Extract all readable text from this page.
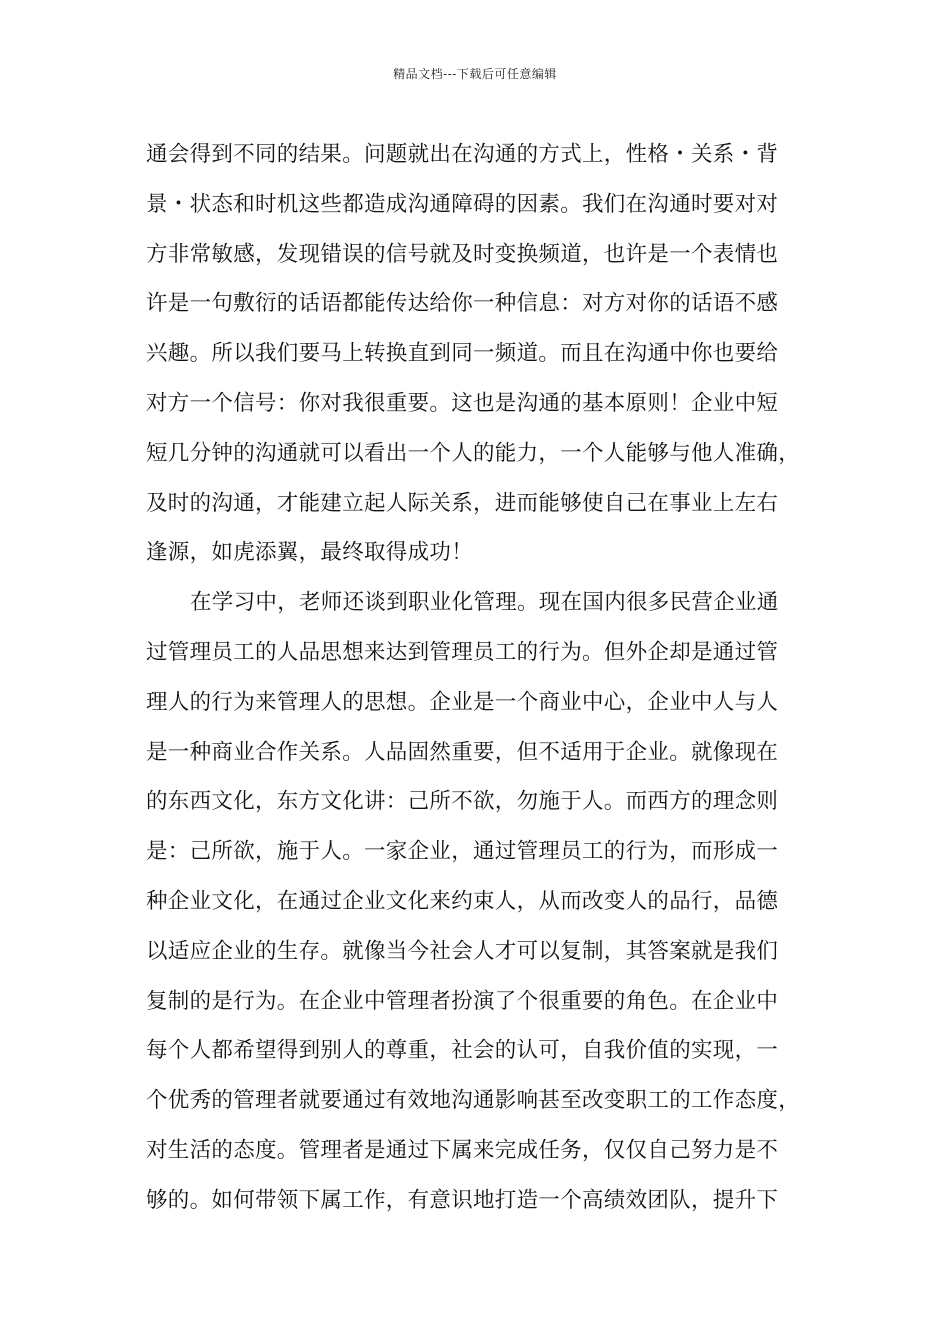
精品文档---下载后可任意编辑
通会得到不同的结果。问题就出在沟通的方式上，性格・关系・背
景・状态和时机这些都造成沟通障碍的因素。我们在沟通时要对对
方非常敏感，发现错误的信号就及时变换频道，也许是一个表情也
许是一句敷衍的话语都能传达给你一种信息：对方对你的话语不感
兴趣。所以我们要马上转换直到同一频道。而且在沟通中你也要给
对方一个信号：你对我很重要。这也是沟通的基本原则！企业中短
短几分钟的沟通就可以看出一个人的能力，一个人能够与他人准确，
及时的沟通，才能建立起人际关系，进而能够使自己在事业上左右
逢源，如虎添翼，最终取得成功！
在学习中，老师还谈到职业化管理。现在国内很多民营企业通
过管理员工的人品思想来达到管理员工的行为。但外企却是通过管
理人的行为来管理人的思想。企业是一个商业中心，企业中人与人
是一种商业合作关系。人品固然重要，但不适用于企业。就像现在
的东西文化，东方文化讲：己所不欲，勿施于人。而西方的理念则
是：己所欲，施于人。一家企业，通过管理员工的行为，而形成一
种企业文化，在通过企业文化来约束人，从而改变人的品行，品德
以适应企业的生存。就像当今社会人才可以复制，其答案就是我们
复制的是行为。在企业中管理者扮演了个很重要的角色。在企业中
每个人都希望得到别人的尊重，社会的认可，自我价值的实现，一
个优秀的管理者就要通过有效地沟通影响甚至改变职工的工作态度，
对生活的态度。管理者是通过下属来完成任务，仅仅自己努力是不
够的。如何带领下属工作，有意识地打造一个高绩效团队，提升下
